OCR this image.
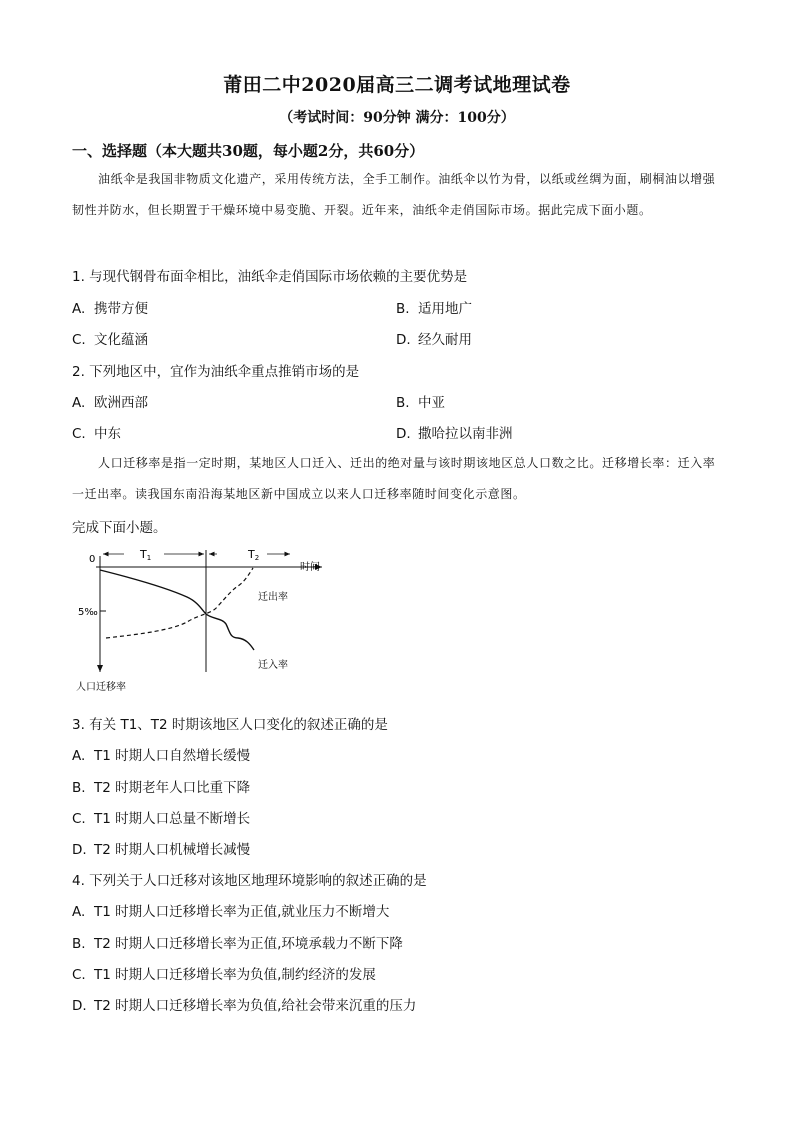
莆田二中2020届高三二调考试地理试卷
（考试时间：90分钟 满分：100分）
一、选择题（本大题共30题，每小题2分，共60分）
油纸伞是我国非物质文化遗产，采用传统方法，全手工制作。油纸伞以竹为骨，以纸或丝绸为面，刷桐油以增强韧性并防水，但长期置于干燥环境中易变脆、开裂。近年来，油纸伞走俏国际市场。据此完成下面小题。
1. 与现代钢骨布面伞相比，油纸伞走俏国际市场依赖的主要优势是
A. 携带方便	B. 适用地广
C. 文化蕴涵	D. 经久耐用
2. 下列地区中，宜作为油纸伞重点推销市场的是
A. 欧洲西部	B. 中亚
C. 中东	D. 撒哈拉以南非洲
人口迁移率是指一定时期，某地区人口迁入、迁出的绝对量与该时期该地区总人口数之比。迁移增长率：迁入率一迁出率。读我国东南沿海某地区新中国成立以来人口迁移率随时间变化示意图。
完成下面小题。
0	T1	T2
时间
5‰
迁出率
迁入率
人口迁移率
3. 有关 T1、T2 时期该地区人口变化的叙述正确的是
A. T1 时期人口自然增长缓慢
B. T2 时期老年人口比重下降
C. T1 时期人口总量不断增长
D. T2 时期人口机械增长减慢
4. 下列关于人口迁移对该地区地理环境影响的叙述正确的是
A. T1 时期人口迁移增长率为正值,就业压力不断增大
B. T2 时期人口迁移增长率为正值,环境承载力不断下降
C. T1 时期人口迁移增长率为负值,制约经济的发展
D. T2 时期人口迁移增长率为负值,给社会带来沉重的压力
